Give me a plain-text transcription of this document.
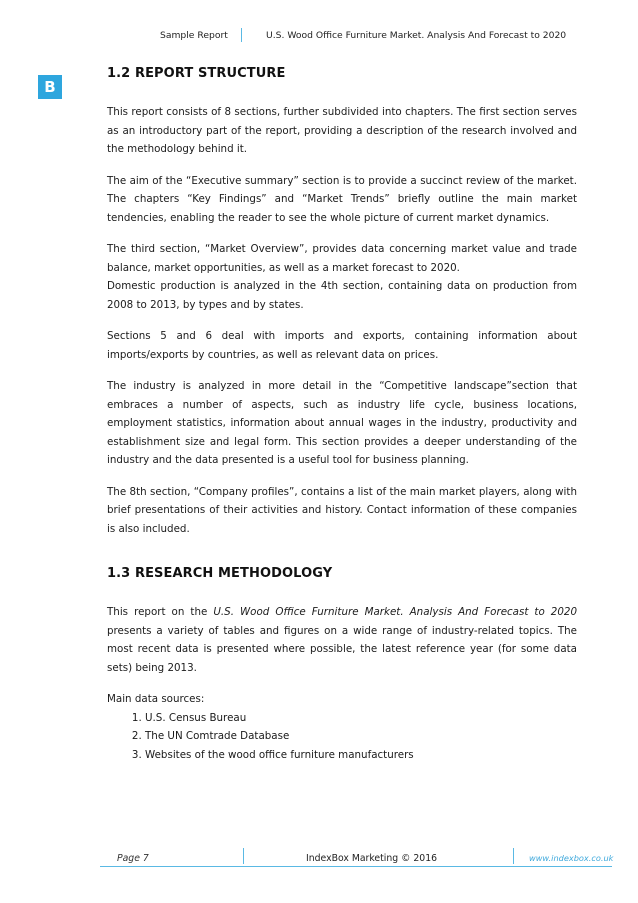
Sample Report	U.S. Wood Office Furniture Market. Analysis And Forecast to 2020
B
1.2 REPORT STRUCTURE

This report consists of 8 sections, further subdivided into chapters. The first section serves as an introductory part of the report, providing a description of the research involved and the methodology behind it.

The aim of the “Executive summary” section is to provide a succinct review of the market. The chapters “Key Findings” and “Market Trends” briefly outline the main market tendencies, enabling the reader to see the whole picture of current market dynamics.

The third section, “Market Overview”, provides data concerning market value and trade balance, market opportunities, as well as a market forecast to 2020.

Domestic production is analyzed in the 4th section, containing data on production from 2008 to 2013, by types and by states.

Sections 5 and 6 deal with imports and exports, containing information about imports/exports by countries, as well as relevant data on prices.

The industry is analyzed in more detail in the “Competitive landscape”section that embraces a number of aspects, such as industry life cycle, business locations, employment statistics, information about annual wages in the industry, productivity and establishment size and legal form. This section provides a deeper understanding of the industry and the data presented is a useful tool for business planning.

The 8th section, “Company profiles”, contains a list of the main market players, along with brief presentations of their activities and history. Contact information of these companies is also included.

1.3 RESEARCH METHODOLOGY

This report on the U.S. Wood Office Furniture Market. Analysis And Forecast to 2020 presents a variety of tables and figures on a wide range of industry-related topics. The most recent data is presented where possible, the latest reference year (for some data sets) being 2013.

Main data sources:

1. U.S. Census Bureau
2. The UN Comtrade Database
3. Websites of the wood office furniture manufacturers
Page 7	IndexBox Marketing © 2016	www.indexbox.co.uk
